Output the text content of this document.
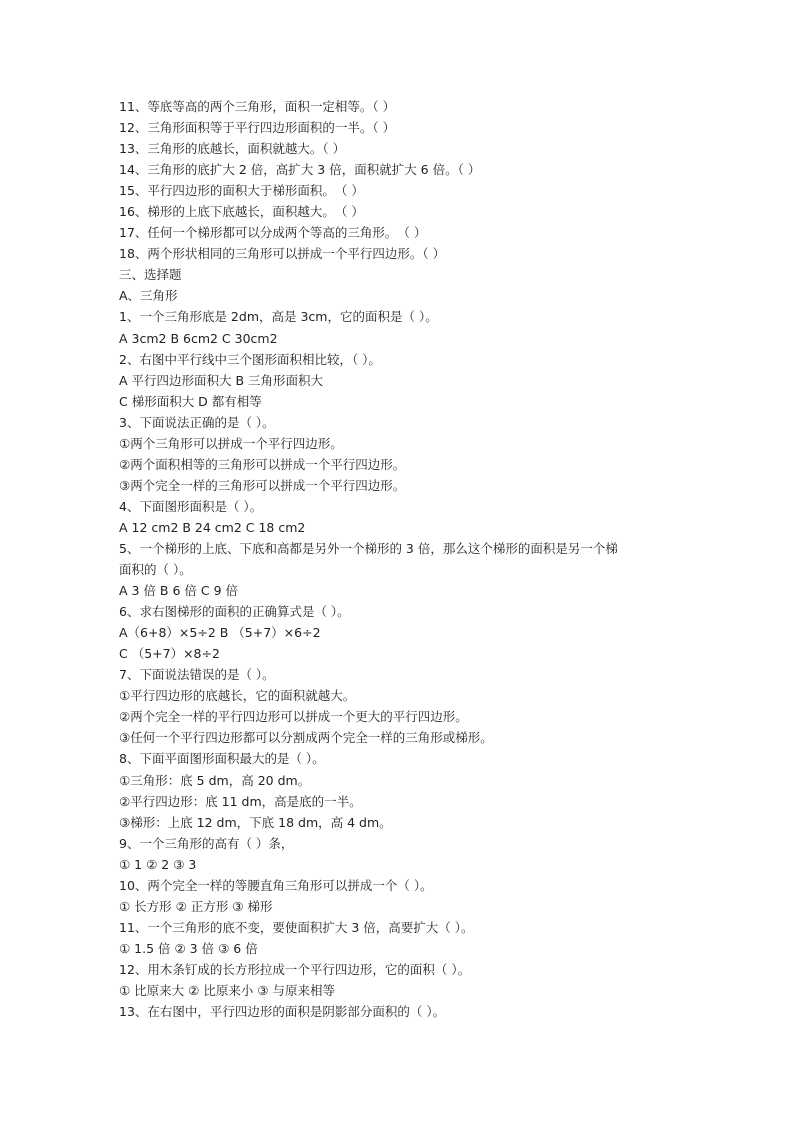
11、等底等高的两个三角形，面积一定相等。（ ）
12、三角形面积等于平行四边形面积的一半。（ ）
13、三角形的底越长，面积就越大。（ ）
14、三角形的底扩大 2 倍，高扩大 3 倍，面积就扩大 6 倍。（ ）
15、平行四边形的面积大于梯形面积。　（ ）
16、梯形的上底下底越长，面积越大。　（ ）
17、任何一个梯形都可以分成两个等高的三角形。　（ ）
18、两个形状相同的三角形可以拼成一个平行四边形。（ ）
三、选择题
A、三角形
1、一个三角形底是 2dm，高是 3cm，它的面积是（ ）。
A 3cm2 B 6cm2 C 30cm2
2、右图中平行线中三个图形面积相比较，（ ）。
A 平行四边形面积大 B 三角形面积大
C 梯形面积大 D 都有相等
3、下面说法正确的是（ ）。
①两个三角形可以拼成一个平行四边形。
②两个面积相等的三角形可以拼成一个平行四边形。
③两个完全一样的三角形可以拼成一个平行四边形。
4、下面图形面积是（ ）。
A 12 cm2 B 24 cm2 C 18 cm2
5、一个梯形的上底、下底和高都是另外一个梯形的 3 倍，那么这个梯形的面积是另一个梯
面积的（ ）。
A 3 倍 B 6 倍 C 9 倍
6、求右图梯形的面积的正确算式是（ ）。
A（6+8）×5÷2 B （5+7）×6÷2
C （5+7）×8÷2
7、下面说法错误的是（ ）。
①平行四边形的底越长，它的面积就越大。
②两个完全一样的平行四边形可以拼成一个更大的平行四边形。
③任何一个平行四边形都可以分割成两个完全一样的三角形或梯形。
8、下面平面图形面积最大的是（ ）。
①三角形：底 5 dm，高 20 dm。
②平行四边形：底 11 dm，高是底的一半。
③梯形：上底 12 dm，下底 18 dm，高 4 dm。
9、一个三角形的高有（ ）条，
① 1 ② 2 ③ 3
10、两个完全一样的等腰直角三角形可以拼成一个（ ）。
① 长方形 ② 正方形 ③ 梯形
11、一个三角形的底不变，要使面积扩大 3 倍，高要扩大（ ）。
① 1.5 倍 ② 3 倍 ③ 6 倍
12、用木条钉成的长方形拉成一个平行四边形，它的面积（ ）。
① 比原来大 ② 比原来小 ③ 与原来相等
13、在右图中，平行四边形的面积是阴影部分面积的（ ）。
